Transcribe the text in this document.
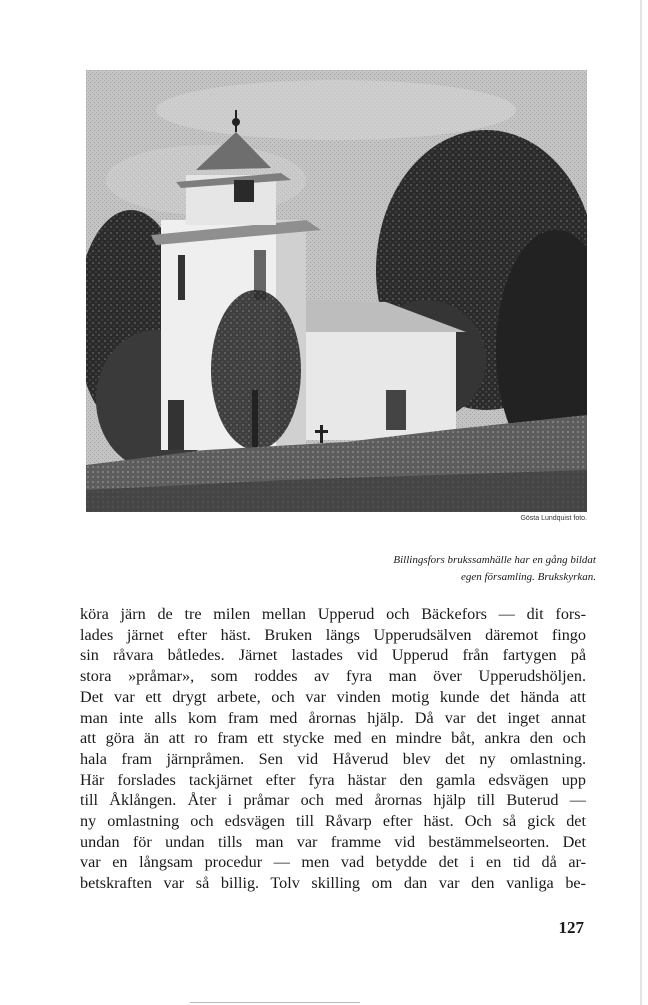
Gösta Lundquist foto.
Billingsfors brukssamhälle har en gång bildat
egen församling. Brukskyrkan.
köra järn de tre milen mellan Upperud och Bäckefors — dit fors-
lades järnet efter häst. Bruken längs Upperudsälven däremot fingo
sin råvara båtledes. Järnet lastades vid Upperud från fartygen på
stora »pråmar», som roddes av fyra man över Upperudshöljen.
Det var ett drygt arbete, och var vinden motig kunde det hända att
man inte alls kom fram med årornas hjälp. Då var det inget annat
att göra än att ro fram ett stycke med en mindre båt, ankra den och
hala fram järnpråmen. Sen vid Håverud blev det ny omlastning.
Här forslades tackjärnet efter fyra hästar den gamla edsvägen upp
till Åklången. Åter i pråmar och med årornas hjälp till Buterud —
ny omlastning och edsvägen till Råvarp efter häst. Och så gick det
undan för undan tills man var framme vid bestämmelseorten. Det
var en långsam procedur — men vad betydde det i en tid då ar-
betskraften var så billig. Tolv skilling om dan var den vanliga be-
127
